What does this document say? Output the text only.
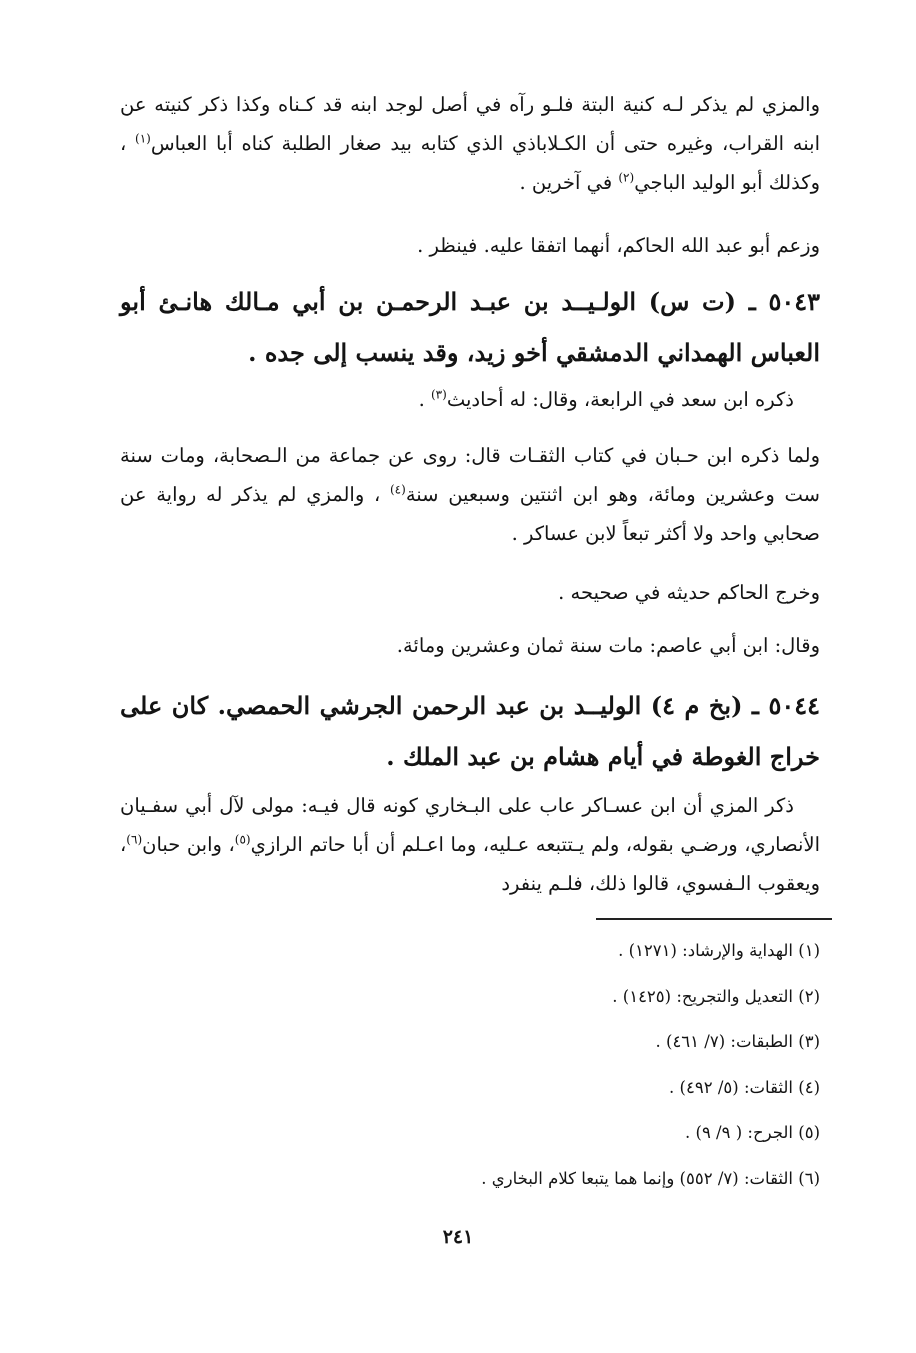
والمزي لم يذكر لـه كنية البتة فلـو رآه في أصل لوجد ابنه قد كـناه وكذا ذكر كنيته عن ابنه القراب، وغيره حتى أن الكـلاباذي الذي كتابه بيد صغار الطلبة كناه أبا العباس$^{(١)}$ ، وكذلك أبو الوليد الباجي$^{(٢)}$ في آخرين .

وزعم أبو عبد الله الحاكم، أنهما اتفقا عليه. فينظر .

٥٠٤٣ ـ (ت س) الولـيــد بن عبـد الرحمـن بن أبي مـالك هانـئ أبو العباس الهمداني الدمشقي أخو زيد، وقد ينسب إلى جده .

ذكره ابن سعد في الرابعة، وقال: له أحاديث$^{(٣)}$ .

ولما ذكره ابن حـبان في كتاب الثقـات قال: روى عن جماعة من الـصحابة، ومات سنة ست وعشرين ومائة، وهو ابن اثنتين وسبعين سنة$^{(٤)}$ ، والمزي لم يذكر له رواية عن صحابي واحد ولا أكثر تبعاً لابن عساكر .

وخرج الحاكم حديثه في صحيحه .

وقال: ابن أبي عاصم: مات سنة ثمان وعشرين ومائة.

٥٠٤٤ ـ (بخ م ٤) الوليــد بن عبد الرحمن الجرشي الحمصي. كان على خراج الغوطة في أيام هشام بن عبد الملك .

ذكر المزي أن ابن عسـاكر عاب على البـخاري كونه قال فيـه: مولى لآل أبي سفـيان الأنصاري، ورضـي بقوله، ولم يـتتبعه عـليه، وما اعـلم أن أبا حاتم الرازي$^{(٥)}$، وابن حبان$^{(٦)}$، ويعقوب الـفسوي، قالوا ذلك، فلـم ينفرد

(١) الهداية والإرشاد: (١٢٧١) .
(٢) التعديل والتجريح: (١٤٢٥) .
(٣) الطبقات: (٧/ ٤٦١) .
(٤) الثقات: (٥/ ٤٩٢) .
(٥) الجرح: ( ٩/ ٩) .
(٦) الثقات: (٧/ ٥٥٢) وإنما هما يتبعا كلام البخاري .
٢٤١
